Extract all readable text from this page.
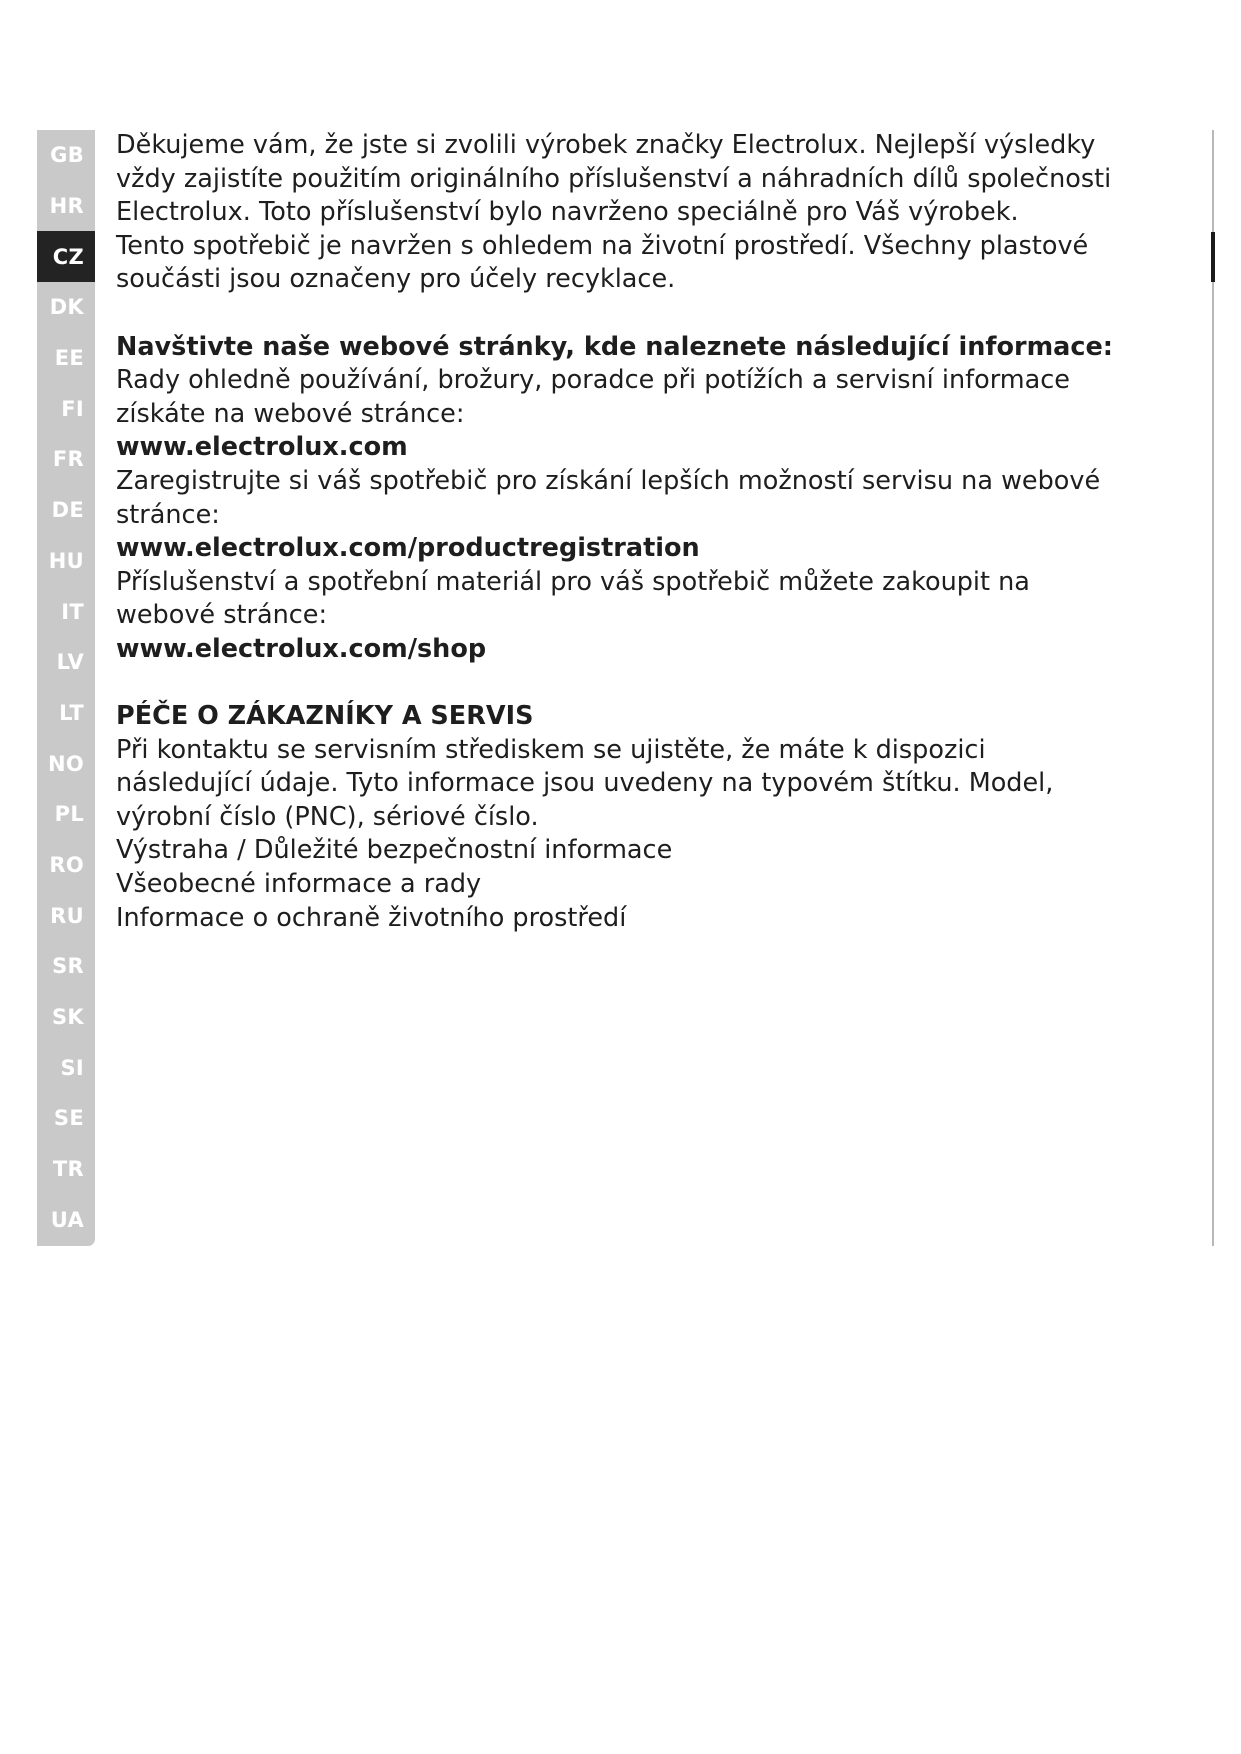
GB
HR
CZ
DK
EE
FI
FR
DE
HU
IT
LV
LT
NO
PL
RO
RU
SR
SK
SI
SE
TR
UA

Děkujeme vám, že jste si zvolili výrobek značky Electrolux. Nejlepší výsledky

vždy zajistíte použitím originálního příslušenství a náhradních dílů společnosti

Electrolux. Toto příslušenství bylo navrženo speciálně pro Váš výrobek.

Tento spotřebič je navržen s ohledem na životní prostředí. Všechny plastové

součásti jsou označeny pro účely recyklace.

Navštivte naše webové stránky, kde naleznete následující informace:

Rady ohledně používání, brožury, poradce při potížích a servisní informace

získáte na webové stránce:

www.electrolux.com

Zaregistrujte si váš spotřebič pro získání lepších možností servisu na webové

stránce:

www.electrolux.com/productregistration

Příslušenství a spotřební materiál pro váš spotřebič můžete zakoupit na

webové stránce:

www.electrolux.com/shop

PÉČE O ZÁKAZNÍKY A SERVIS

Při kontaktu se servisním střediskem se ujistěte, že máte k dispozici

následující údaje. Tyto informace jsou uvedeny na typovém štítku. Model,

výrobní číslo (PNC), sériové číslo.

Výstraha / Důležité bezpečnostní informace

Všeobecné informace a rady

Informace o ochraně životního prostředí
